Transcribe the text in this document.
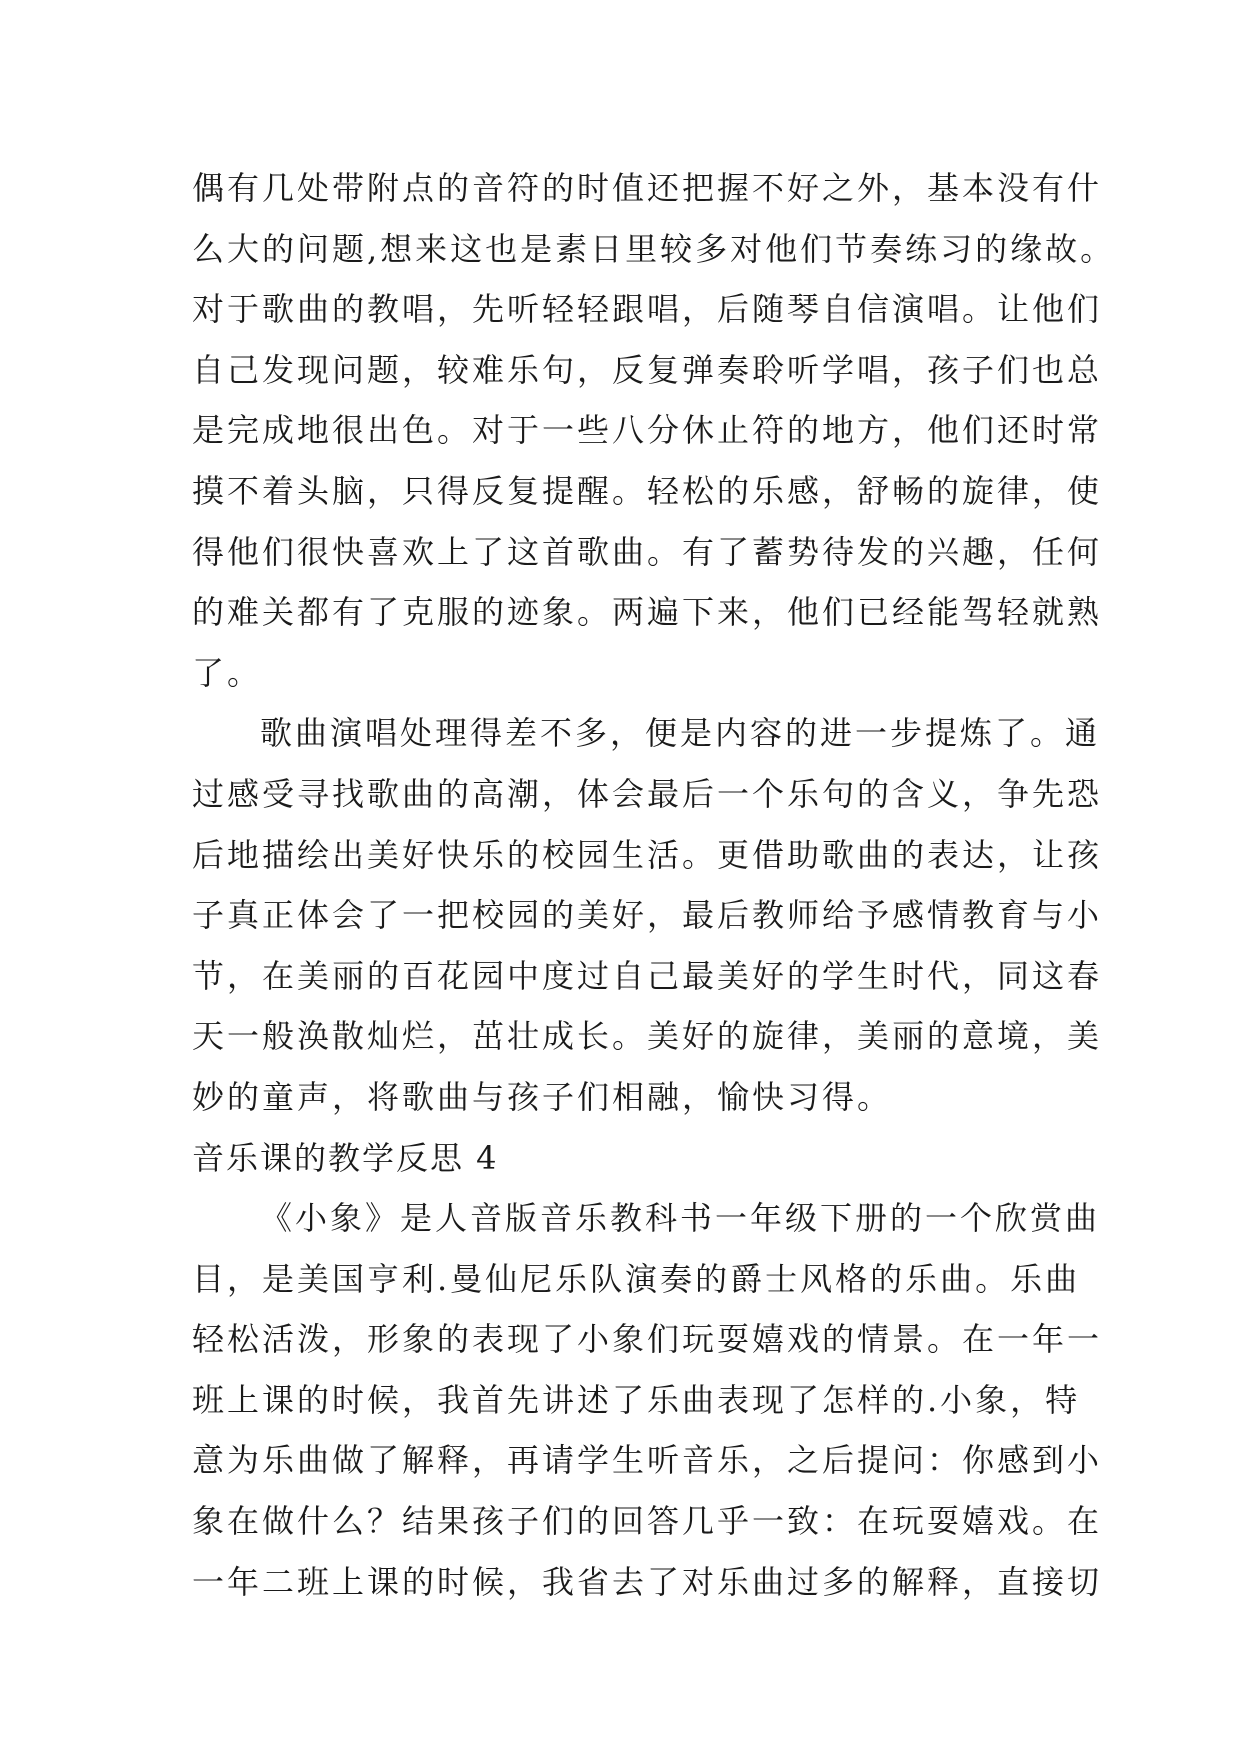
偶有几处带附点的音符的时值还把握不好之外，基本没有什
么大的问题,想来这也是素日里较多对他们节奏练习的缘故。
对于歌曲的教唱，先听轻轻跟唱，后随琴自信演唱。让他们
自己发现问题，较难乐句，反复弹奏聆听学唱，孩子们也总
是完成地很出色。对于一些八分休止符的地方，他们还时常
摸不着头脑，只得反复提醒。轻松的乐感，舒畅的旋律，使
得他们很快喜欢上了这首歌曲。有了蓄势待发的兴趣，任何
的难关都有了克服的迹象。两遍下来，他们已经能驾轻就熟
了。
歌曲演唱处理得差不多，便是内容的进一步提炼了。通
过感受寻找歌曲的高潮，体会最后一个乐句的含义，争先恐
后地描绘出美好快乐的校园生活。更借助歌曲的表达，让孩
子真正体会了一把校园的美好，最后教师给予感情教育与小
节，在美丽的百花园中度过自己最美好的学生时代，同这春
天一般涣散灿烂，茁壮成长。美好的旋律，美丽的意境，美
妙的童声，将歌曲与孩子们相融，愉快习得。
音乐课的教学反思 4
《小象》是人音版音乐教科书一年级下册的一个欣赏曲
目，是美国亨利.曼仙尼乐队演奏的爵士风格的乐曲。乐曲
轻松活泼，形象的表现了小象们玩耍嬉戏的情景。在一年一
班上课的时候，我首先讲述了乐曲表现了怎样的.小象，特
意为乐曲做了解释，再请学生听音乐，之后提问：你感到小
象在做什么？结果孩子们的回答几乎一致：在玩耍嬉戏。在
一年二班上课的时候，我省去了对乐曲过多的解释，直接切
